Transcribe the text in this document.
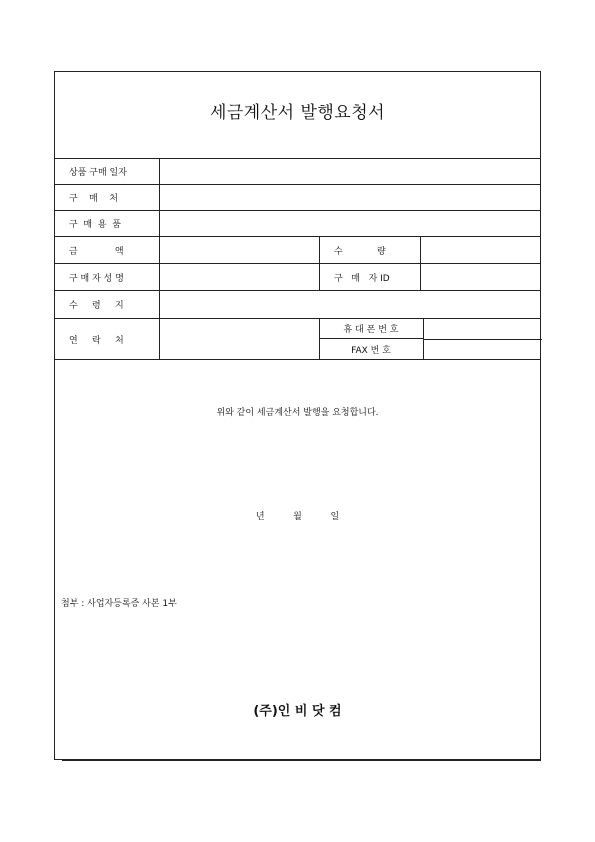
세금계산서 발행요청서
상품 구매 일자
구    매    처
구  매  용  품
금             액	수            량
구 매 자 성 명	구   매   자 ID
수     령     지
연     락     처
휴 대 폰 번 호
FAX 번 호
위와 같이 세금계산서 발행을 요청합니다.
년          월          일
첨부 : 사업자등록증 사본 1부
(주)인 비 닷 컴
